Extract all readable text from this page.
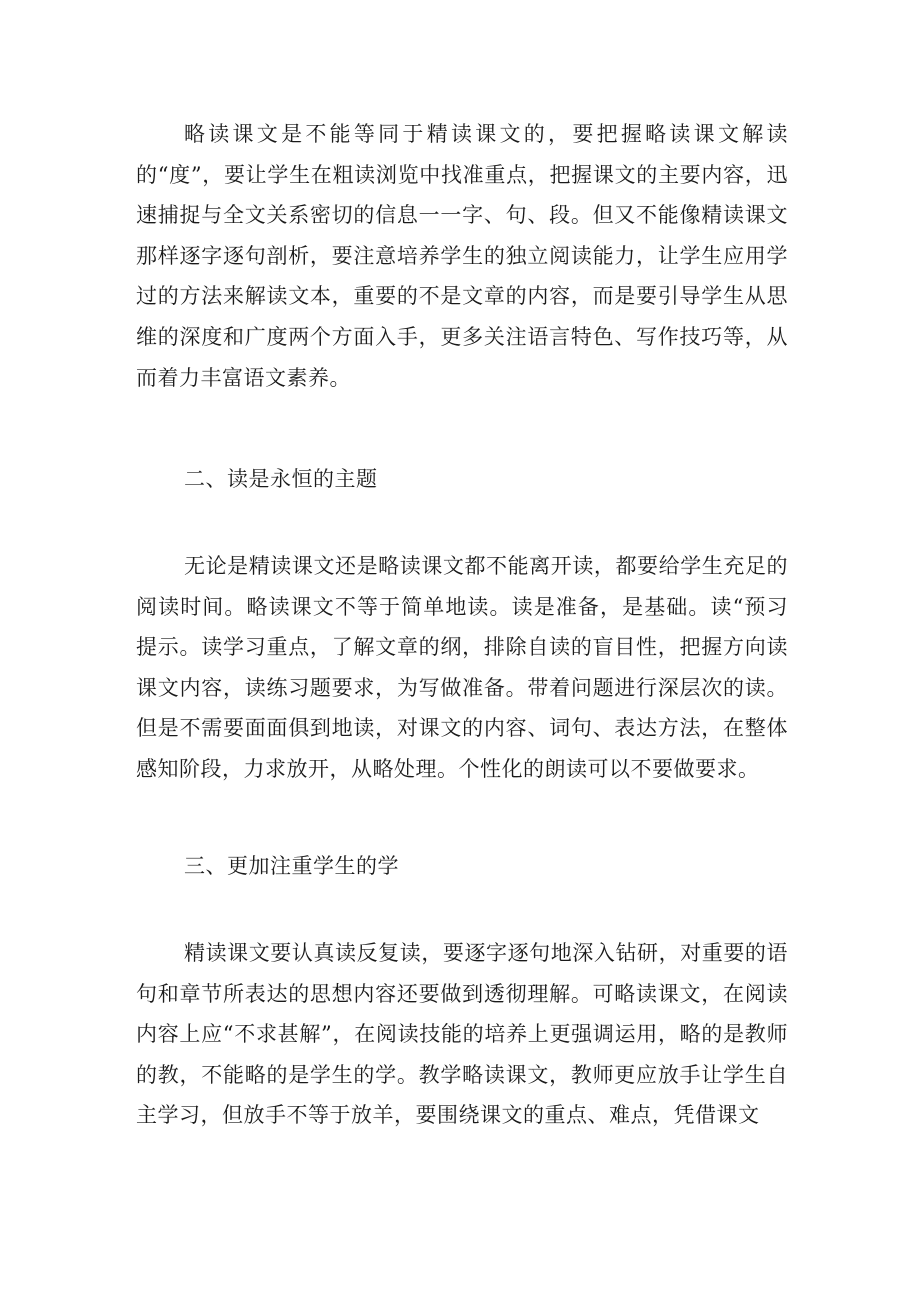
略读课文是不能等同于精读课文的，要把握略读课文解读的“度”，要让学生在粗读浏览中找准重点，把握课文的主要内容，迅速捕捉与全文关系密切的信息一一字、句、段。但又不能像精读课文那样逐字逐句剖析，要注意培养学生的独立阅读能力，让学生应用学过的方法来解读文本，重要的不是文章的内容，而是要引导学生从思维的深度和广度两个方面入手，更多关注语言特色、写作技巧等，从而着力丰富语文素养。

二、读是永恒的主题

无论是精读课文还是略读课文都不能离开读，都要给学生充足的阅读时间。略读课文不等于简单地读。读是准备，是基础。读“预习提示。读学习重点，了解文章的纲，排除自读的盲目性，把握方向读课文内容，读练习题要求，为写做准备。带着问题进行深层次的读。但是不需要面面俱到地读，对课文的内容、词句、表达方法，在整体感知阶段，力求放开，从略处理。个性化的朗读可以不要做要求。

三、更加注重学生的学

精读课文要认真读反复读，要逐字逐句地深入钻研，对重要的语句和章节所表达的思想内容还要做到透彻理解。可略读课文，在阅读内容上应“不求甚解”，在阅读技能的培养上更强调运用，略的是教师的教，不能略的是学生的学。教学略读课文，教师更应放手让学生自主学习，但放手不等于放羊，要围绕课文的重点、难点，凭借课文
